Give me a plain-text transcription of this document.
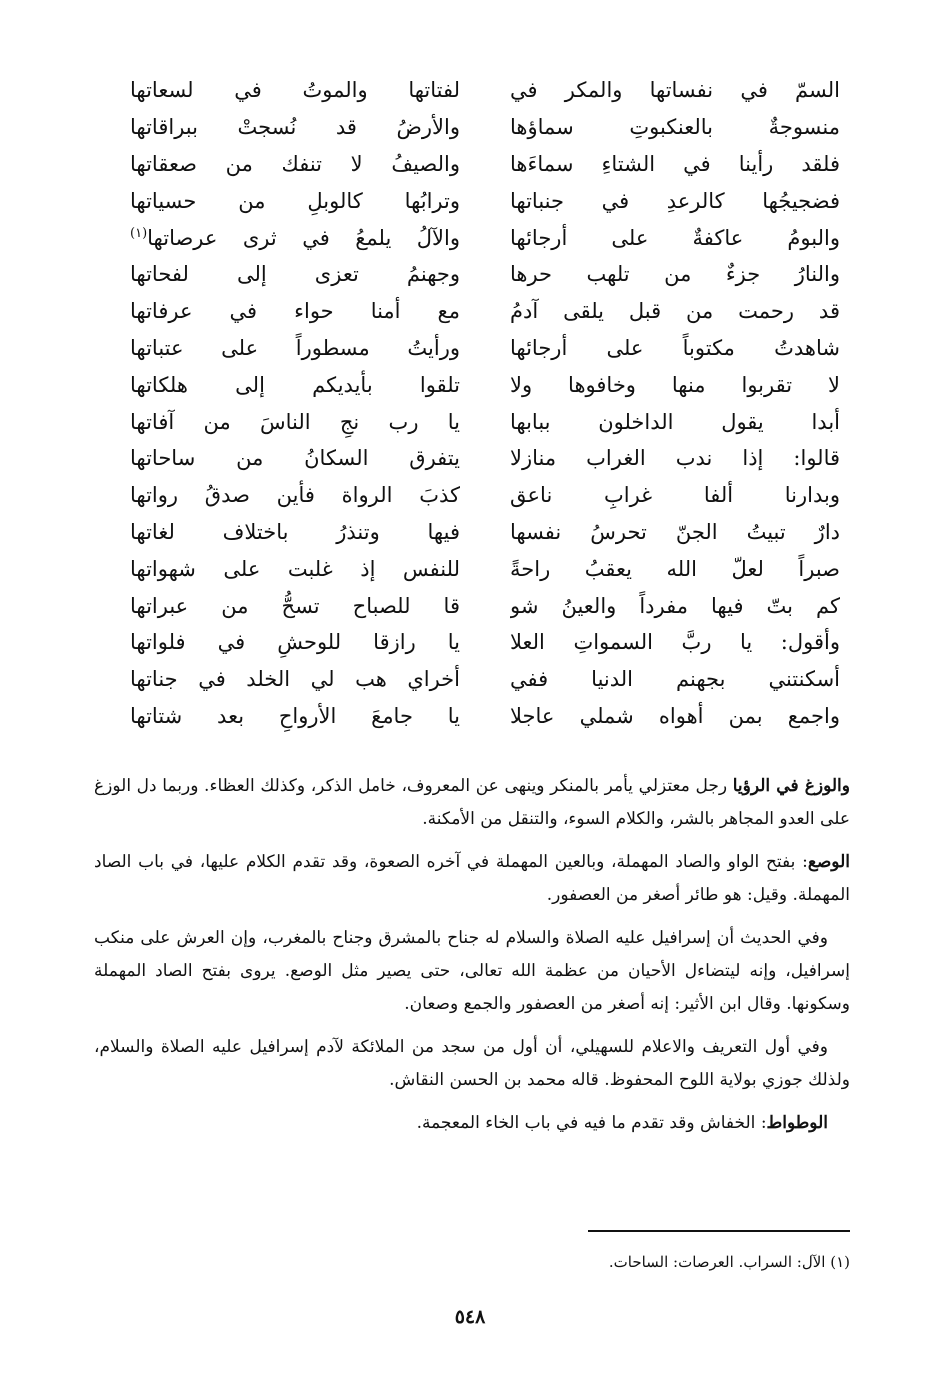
السمّ في نفساتها والمكر في
لفتاتها والموتُ في لسعاتها
منسوجةٌ بالعنكبوتِ سماؤها
والأرضُ قد نُسجتْ ببراقاتها
فلقد رأينا في الشتاءِ سماءَها
والصيفُ لا تنفك من صعقاتها
فضجيجُها كالرعدِ في جنباتها
وترابُها كالوبلِ من حسياتها
والبومُ عاكفةٌ على أرجائها
والآلُ يلمعُ في ثرى عرصاتها$^{(١)}$
والنارُ جزءٌ من تلهب حرها
وجهنمُ تعزى إلى لفحاتها
قد رحمت من قبل يلقى آدمُ
مع أمنا حواء في عرفاتها
شاهدتُ مكتوباً على أرجائها
ورأيتُ مسطوراً على عتباتها
لا تقربوا منها وخافوها ولا
تلقوا بأيديكم إلى هلكاتها
أبدا يقول الداخلون ببابها
يا رب نجِ الناسَ من آفاتها
قالوا: إذا ندب الغراب منازلا
يتفرق السكانُ من ساحاتها
وبدارنا ألفا غرابِ ناعق
كذبَ الرواة فأين صدقُ رواتها
دارٌ تبيتُ الجنّ تحرسُ نفسها
فيها وتنذرُ باختلاف لغاتها
صبراً لعلّ الله يعقبُ راحةً
للنفس إذ غلبت على شهواتها
كم بتّ فيها مفرداً والعينُ شو
قا للصباح تسحُّ من عبراتها
وأقول: يا ربَّ السمواتِ العلا
يا رازقا للوحشِ في فلواتها
أسكنتني بجهنم الدنيا ففي
أخراي هب لي الخلد في جناتها
واجمع بمن أهواه شملي عاجلا
يا جامعَ الأرواحِ بعد شتاتها

والوزغ في الرؤيا رجل معتزلي يأمر بالمنكر وينهى عن المعروف، خامل الذكر، وكذلك العظاء. وربما دل الوزغ على العدو المجاهر بالشر، والكلام السوء، والتنقل من الأمكنة.

الوصع: بفتح الواو والصاد المهملة، وبالعين المهملة في آخره الصعوة، وقد تقدم الكلام عليها، في باب الصاد المهملة. وقيل: هو طائر أصغر من العصفور.

وفي الحديث أن إسرافيل عليه الصلاة والسلام له جناح بالمشرق وجناح بالمغرب، وإن العرش على منكب إسرافيل، وإنه ليتضاءل الأحيان من عظمة الله تعالى، حتى يصير مثل الوصع. يروى بفتح الصاد المهملة وسكونها. وقال ابن الأثير: إنه أصغر من العصفور والجمع وصعان.

وفي أول التعريف والاعلام للسهيلي، أن أول من سجد من الملائكة لآدم إسرافيل عليه الصلاة والسلام، ولذلك جوزي بولاية اللوح المحفوظ. قاله محمد بن الحسن النقاش.

الوطواط: الخفاش وقد تقدم ما فيه في باب الخاء المعجمة.

(١) الآل: السراب. العرصات: الساحات.
٥٤٨
